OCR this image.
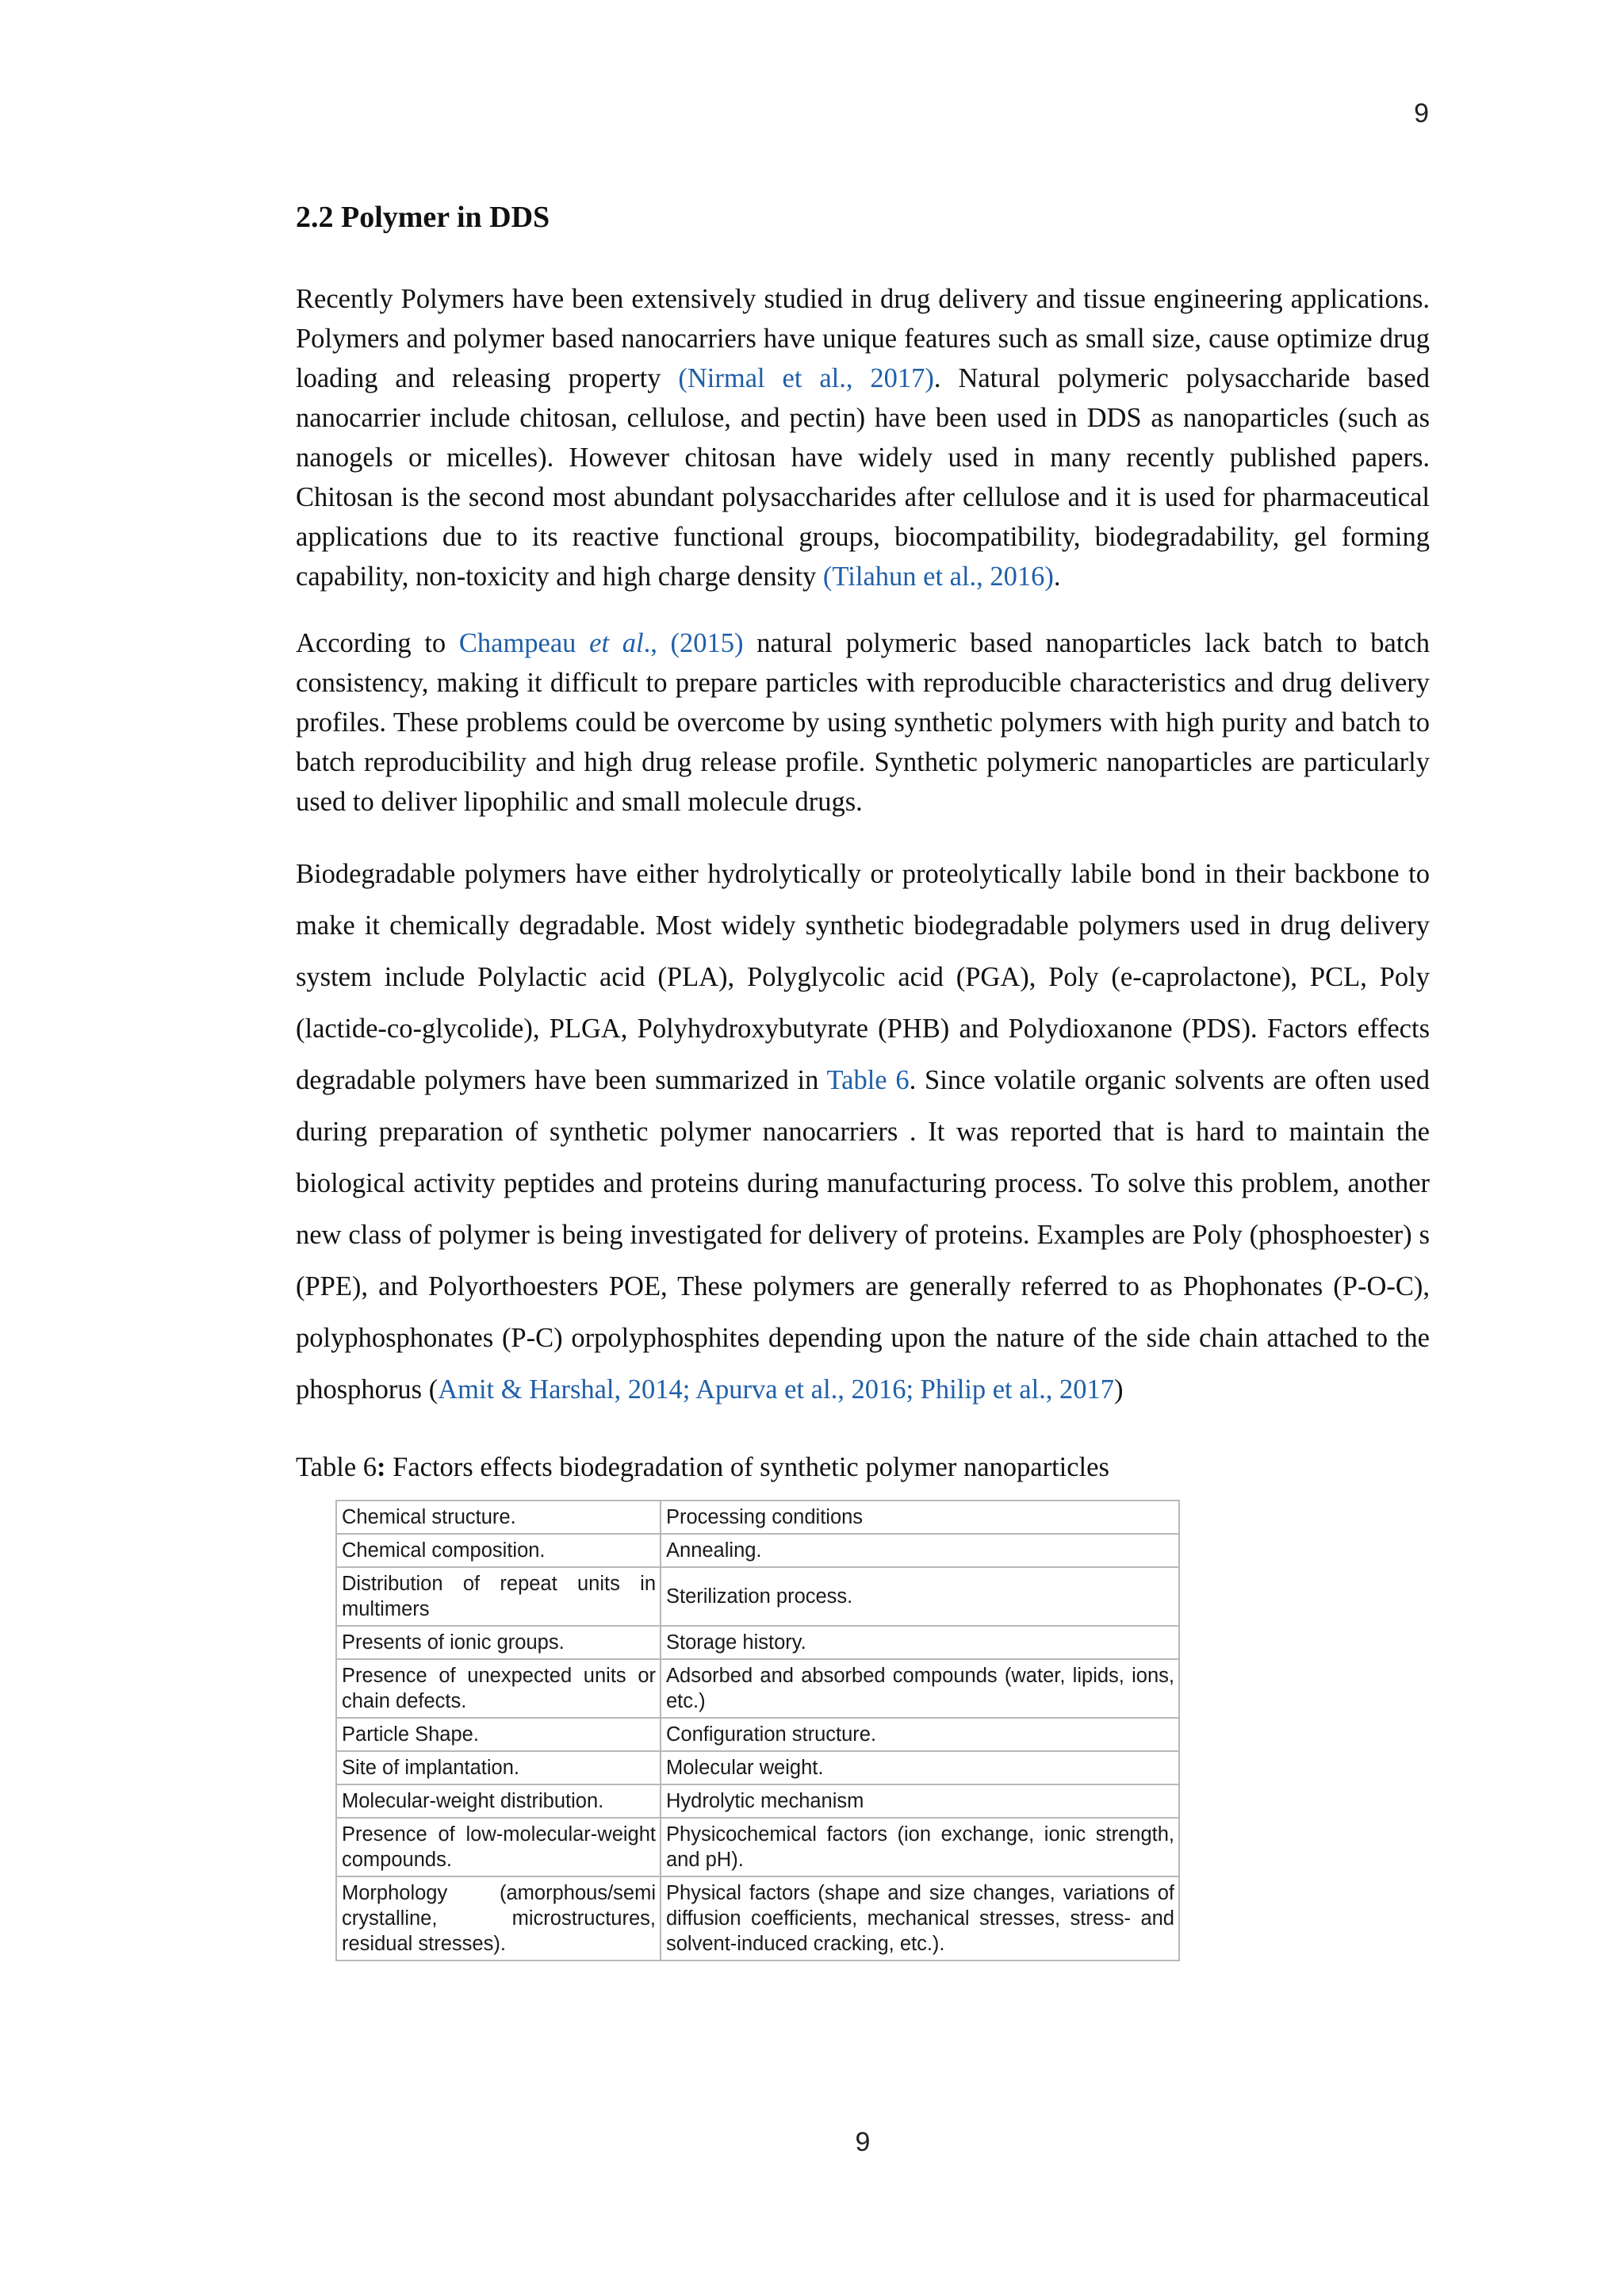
9
2.2 Polymer in DDS

Recently Polymers have been extensively studied in drug delivery and tissue engineering applications. Polymers and polymer based nanocarriers have unique features such as small size, cause optimize drug loading and releasing property (Nirmal et al., 2017). Natural polymeric polysaccharide based nanocarrier include chitosan, cellulose, and pectin) have been used in DDS as nanoparticles (such as nanogels or micelles). However chitosan have widely used in many recently published papers. Chitosan is the second most abundant polysaccharides after cellulose and it is used for pharmaceutical applications due to its reactive functional groups, biocompatibility, biodegradability, gel forming capability, non-toxicity and high charge density (Tilahun et al., 2016).

According to Champeau et al., (2015) natural polymeric based nanoparticles lack batch to batch consistency, making it difficult to prepare particles with reproducible characteristics and drug delivery profiles. These problems could be overcome by using synthetic polymers with high purity and batch to batch reproducibility and high drug release profile. Synthetic polymeric nanoparticles are particularly used to deliver lipophilic and small molecule drugs.

Biodegradable polymers have either hydrolytically or proteolytically labile bond in their backbone to make it chemically degradable. Most widely synthetic biodegradable polymers used in drug delivery system include Polylactic acid (PLA), Polyglycolic acid (PGA), Poly (e-caprolactone), PCL, Poly (lactide-co-glycolide), PLGA, Polyhydroxybutyrate (PHB) and Polydioxanone (PDS). Factors effects degradable polymers have been summarized in Table 6. Since volatile organic solvents are often used during preparation of synthetic polymer nanocarriers . It was reported that is hard to maintain the biological activity peptides and proteins during manufacturing process. To solve this problem, another new class of polymer is being investigated for delivery of proteins. Examples are Poly (phosphoester) s (PPE), and Polyorthoesters POE, These polymers are generally referred to as Phophonates (P-O-C), polyphosphonates (P-C) orpolyphosphites depending upon the nature of the side chain attached to the phosphorus (Amit & Harshal, 2014; Apurva et al., 2016; Philip et al., 2017)

Table 6: Factors effects biodegradation of synthetic polymer nanoparticles
Chemical structure.	Processing conditions
Chemical composition.	Annealing.
Distribution of repeat units in multimers	Sterilization process.
Presents of ionic groups.	Storage history.
Presence of unexpected units or chain defects.	Adsorbed and absorbed compounds (water, lipids, ions, etc.)
Particle Shape.	Configuration structure.
Site of implantation.	Molecular weight.
Molecular-weight distribution.	Hydrolytic mechanism
Presence of low-molecular-weight compounds.	Physicochemical factors (ion exchange, ionic strength, and pH).
Morphology (amorphous/semi crystalline, microstructures, residual stresses).	Physical factors (shape and size changes, variations of diffusion coefficients, mechanical stresses, stress- and solvent-induced cracking, etc.).
9
